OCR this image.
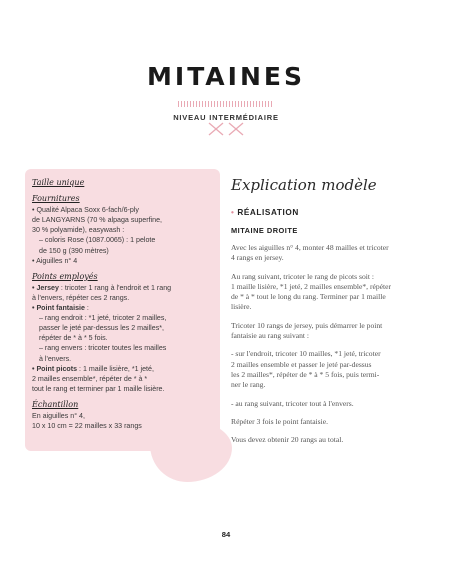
MITAINES
NIVEAU INTERMÉDIAIRE
Taille unique
Fournitures
• Qualité Alpaca Soxx 6-fach/6-ply
de LANGYARNS (70 % alpaga superfine,
30 % polyamide), easywash :
– coloris Rose (1087.0065) : 1 pelote
de 150 g (390 mètres)
• Aiguilles n° 4
Points employés
• Jersey : tricoter 1 rang à l'endroit et 1 rang
à l'envers, répéter ces 2 rangs.
• Point fantaisie :
– rang endroit : *1 jeté, tricoter 2 mailles,
passer le jeté par-dessus les 2 mailles*,
répéter de * à * 5 fois.
– rang envers : tricoter toutes les mailles
à l'envers.
• Point picots : 1 maille lisière, *1 jeté,
2 mailles ensemble*, répéter de * à *
tout le rang et terminer par 1 maille lisière.
Échantillon
En aiguilles n° 4,
10 x 10 cm = 22 mailles x 33 rangs
Explication modèle
• RÉALISATION
MITAINE DROITE
Avec les aiguilles n° 4, monter 48 mailles et tricoter
4 rangs en jersey.
Au rang suivant, tricoter le rang de picots soit :
1 maille lisière, *1 jeté, 2 mailles ensemble*, répéter
de * à * tout le long du rang. Terminer par 1 maille
lisière.
Tricoter 10 rangs de jersey, puis démarrer le point
fantaisie au rang suivant :
- sur l'endroit, tricoter 10 mailles, *1 jeté, tricoter
2 mailles ensemble et passer le jeté par-dessus
les 2 mailles*, répéter de * à * 5 fois, puis termi-
ner le rang.
- au rang suivant, tricoter tout à l'envers.
Répéter 3 fois le point fantaisie.
Vous devez obtenir 20 rangs au total.
84
